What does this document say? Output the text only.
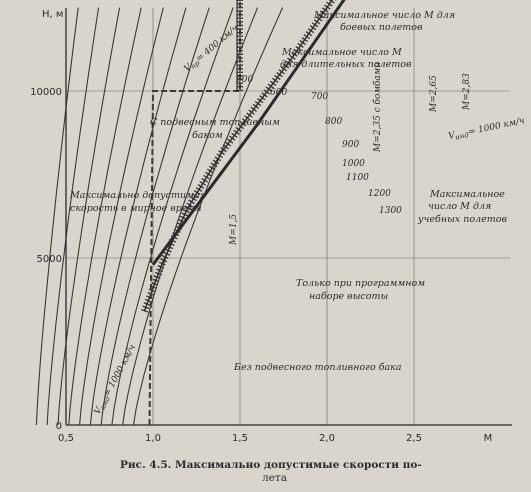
0,5	1,0	1,5	2,0	2,5	М
0
5000
10000
H, м
$V_{пр}= 400$ км/ч
500
600	700
800
900
1000
1100
1200
1300
Максимальное число М для
боевых полетов
Максимальное число М
для длительных полетов
С подвесным топливным
баком
Максимально допустимая
скорость в мирное время
Только при программном
наборе высоты
Максимальное
число М для
учебных полетов
Без подвесного топливного бака
М=1,5
М=2,35 с бомбами	М=2,65	М=2,83
$V_{инд}= 1000$ км/ч
$V_{инд}= 1000$ км/ч
Рис. 4.5. Максимально допустимые скорости по-
лета
